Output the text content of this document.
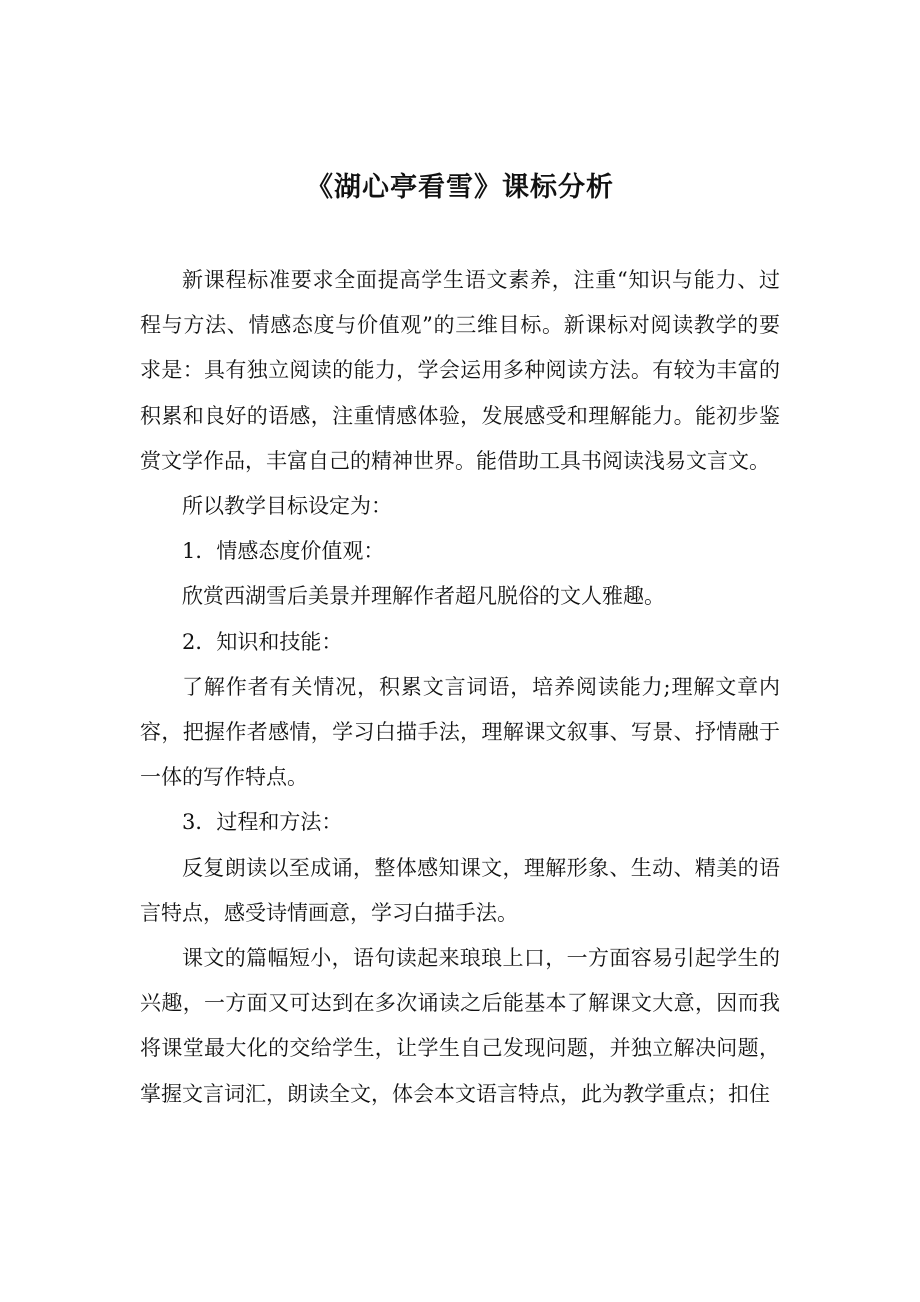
《湖心亭看雪》课标分析

新课程标准要求全面提高学生语文素养，注重“知识与能力、过程与方法、情感态度与价值观”的三维目标。新课标对阅读教学的要求是：具有独立阅读的能力，学会运用多种阅读方法。有较为丰富的积累和良好的语感，注重情感体验，发展感受和理解能力。能初步鉴赏文学作品，丰富自己的精神世界。能借助工具书阅读浅易文言文。

所以教学目标设定为：

1．情感态度价值观：

欣赏西湖雪后美景并理解作者超凡脱俗的文人雅趣。

2．知识和技能：

了解作者有关情况，积累文言词语，培养阅读能力;理解文章内容，把握作者感情，学习白描手法，理解课文叙事、写景、抒情融于一体的写作特点。

3．过程和方法：

反复朗读以至成诵，整体感知课文，理解形象、生动、精美的语言特点，感受诗情画意，学习白描手法。

课文的篇幅短小，语句读起来琅琅上口，一方面容易引起学生的兴趣，一方面又可达到在多次诵读之后能基本了解课文大意，因而我将课堂最大化的交给学生，让学生自己发现问题，并独立解决问题，掌握文言词汇，朗读全文，体会本文语言特点，此为教学重点；扣住
